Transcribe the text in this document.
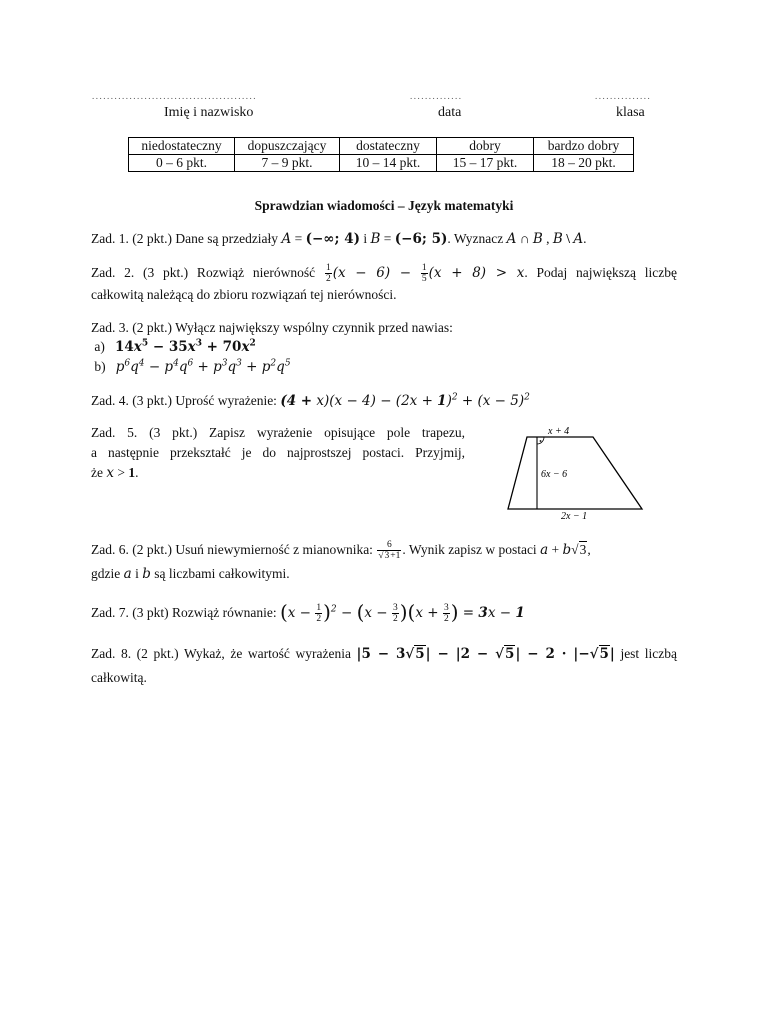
............................................	..............	...............
Imię i nazwisko	data	klasa
niedostateczny	dopuszczający	dostateczny	dobry	bardzo dobry
0 – 6 pkt.	7 – 9 pkt.	10 – 14 pkt.	15 – 17 pkt.	18 – 20 pkt.
Sprawdzian wiadomości – Język matematyki
Zad. 1. (2 pkt.) Dane są przedziały A = (−∞; 4) i B = (−6; 5). Wyznacz A ∩ B , B \ A.
Zad. 2. (3 pkt.) Rozwiąż nierówność $\frac{1}{2} (x - 6) - \frac{1}{5} (x + 8) > x$. Podaj największą liczbę
całkowitą należącą do zbioru rozwiązań tej nierówności.
Zad. 3. (2 pkt.) Wyłącz największy wspólny czynnik przed nawias:
a) $14x^5 - 35x^3 + 70x^2$
b) $p^6q^4 - p^4q^6 + p^3q^3 + p^2q^5$
Zad. 4. (3 pkt.) Uprość wyrażenie: $(4 + x)(x - 4) - (2x + 1)^2 + (x - 5)^2$
Zad. 5. (3 pkt.) Zapisz wyrażenie opisujące pole trapezu,
a następnie przekształć je do najprostszej postaci. Przyjmij,
że x > 1.
x + 4
6x − 6
2x − 1
Zad. 6. (2 pkt.) Usuń niewymierność z mianownika: $\frac{6}{√3+1}$ . Wynik zapisz w postaci a + b√3,
gdzie a i b są liczbami całkowitymi.
Zad. 7. (3 pkt) Rozwiąż równanie: $(x - \frac{1}{2} )^2 - (x - \frac{3}{2} )(x + \frac{3}{2}$ ) = 3x − 1
Zad. 8. (2 pkt.) Wykaż, że wartość wyrażenia |5 − 3√5| − |2 − √5| − 2 · |−√5| jest liczbą
całkowitą.
